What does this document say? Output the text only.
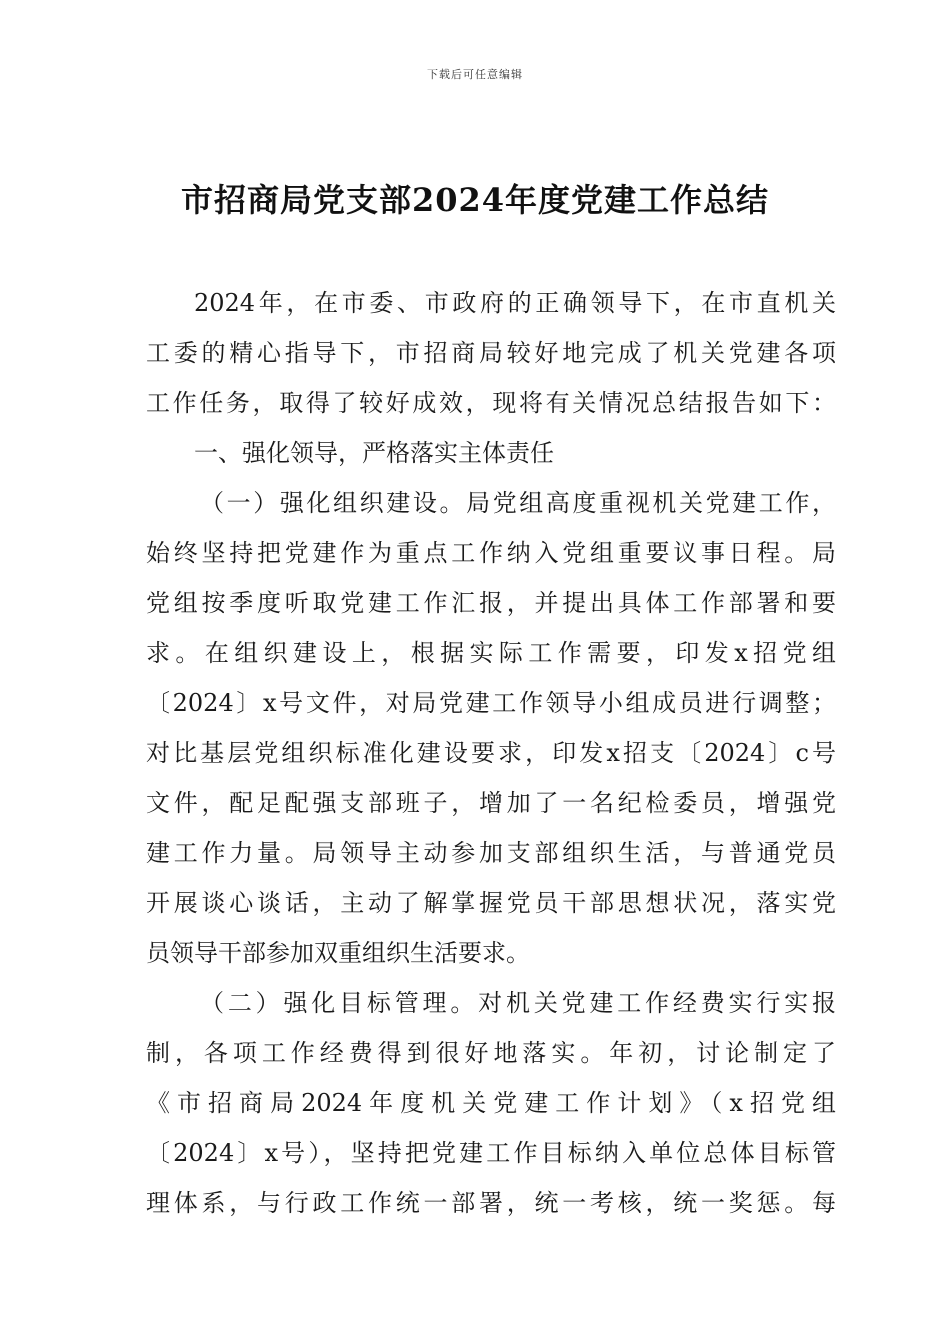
下载后可任意编辑
市招商局党支部2024年度党建工作总结
2024年，在市委、市政府的正确领导下，在市直机关
工委的精心指导下，市招商局较好地完成了机关党建各项
工作任务，取得了较好成效，现将有关情况总结报告如下：
一、强化领导，严格落实主体责任
（一）强化组织建设。局党组高度重视机关党建工作，
始终坚持把党建作为重点工作纳入党组重要议事日程。局
党组按季度听取党建工作汇报，并提出具体工作部署和要
求。在组织建设上，根据实际工作需要，印发x招党组
〔2024〕x号文件，对局党建工作领导小组成员进行调整；
对比基层党组织标准化建设要求，印发x招支〔2024〕c号
文件，配足配强支部班子，增加了一名纪检委员，增强党
建工作力量。局领导主动参加支部组织生活，与普通党员
开展谈心谈话，主动了解掌握党员干部思想状况，落实党
员领导干部参加双重组织生活要求。
（二）强化目标管理。对机关党建工作经费实行实报
制，各项工作经费得到很好地落实。年初，讨论制定了
《市招商局2024年度机关党建工作计划》（x招党组
〔2024〕x号），坚持把党建工作目标纳入单位总体目标管
理体系，与行政工作统一部署，统一考核，统一奖惩。每
